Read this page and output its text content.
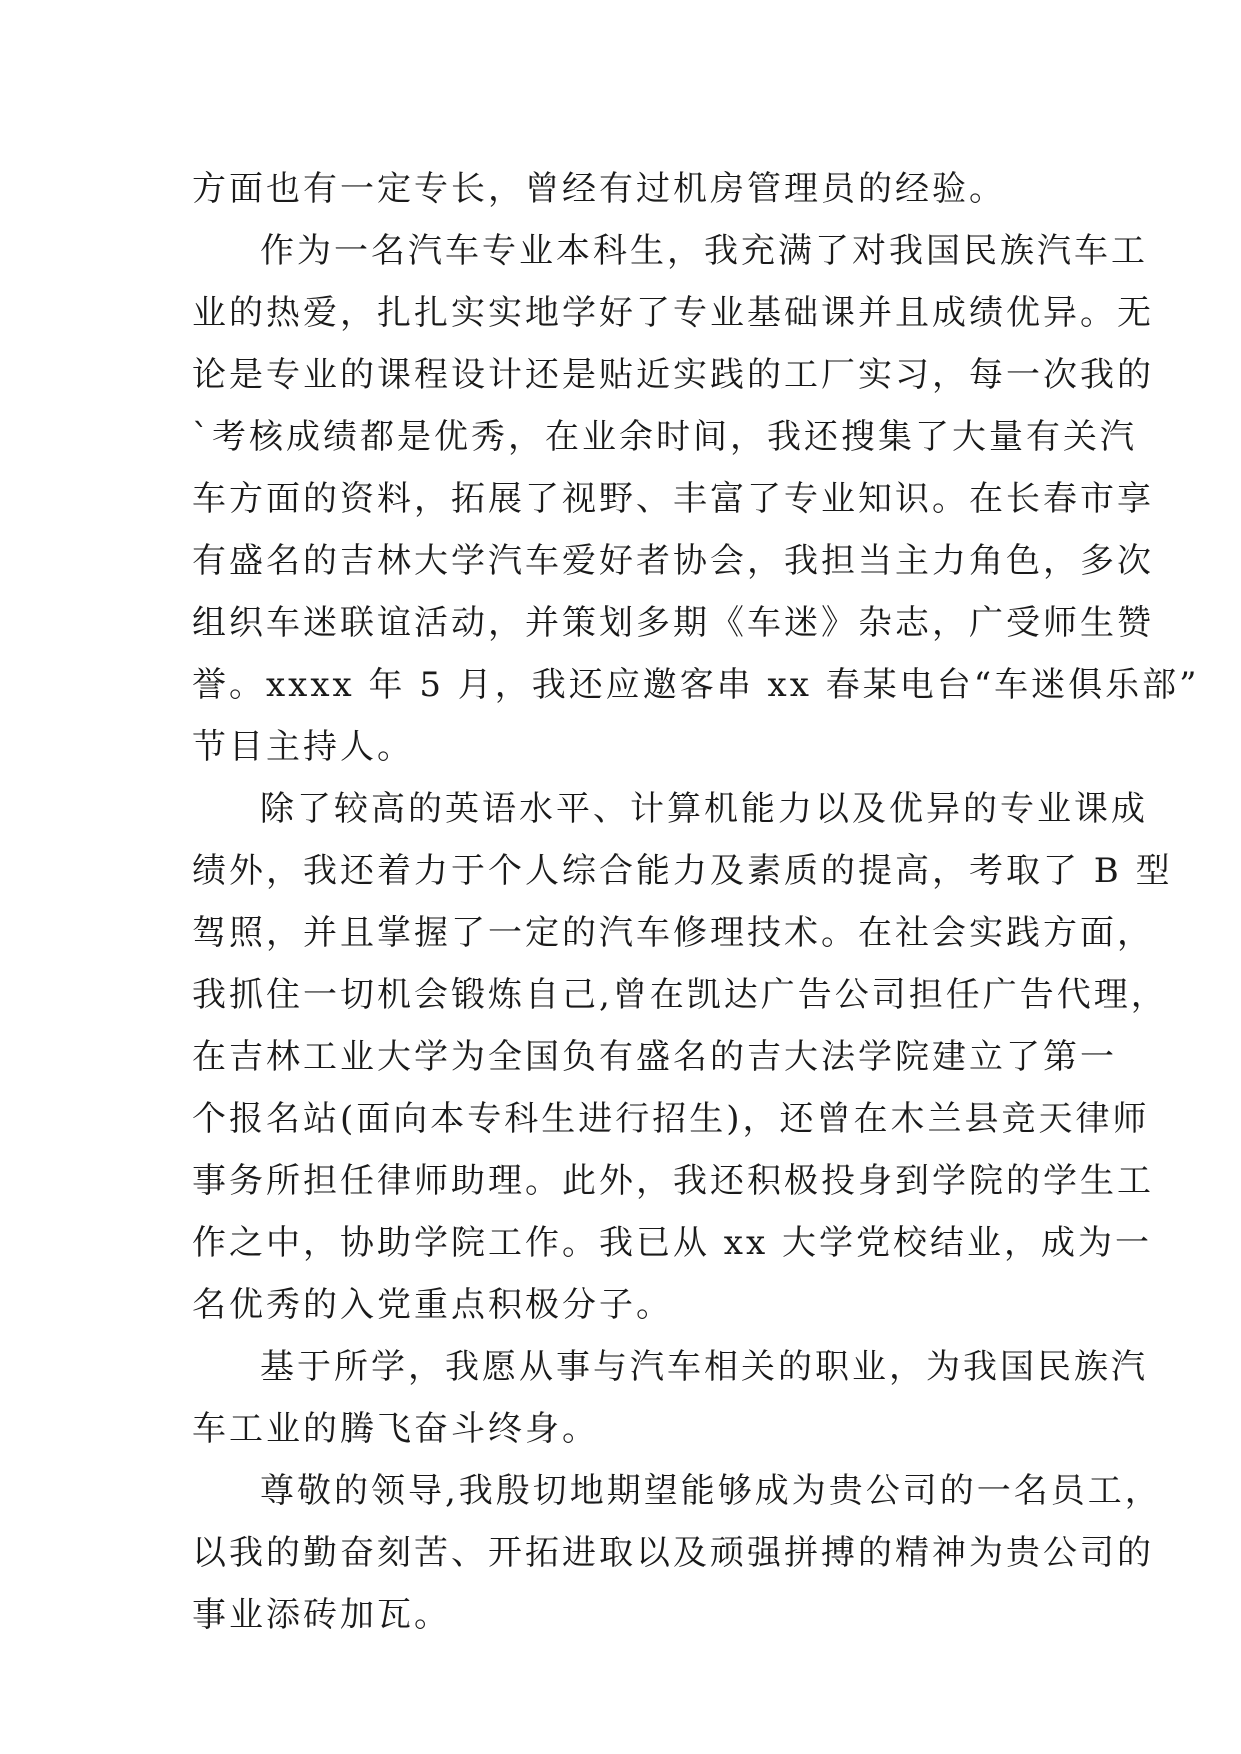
方面也有一定专长，曾经有过机房管理员的经验。
作为一名汽车专业本科生，我充满了对我国民族汽车工
业的热爱，扎扎实实地学好了专业基础课并且成绩优异。无
论是专业的课程设计还是贴近实践的工厂实习，每一次我的
`考核成绩都是优秀，在业余时间，我还搜集了大量有关汽
车方面的资料，拓展了视野、丰富了专业知识。在长春市享
有盛名的吉林大学汽车爱好者协会，我担当主力角色，多次
组织车迷联谊活动，并策划多期《车迷》杂志，广受师生赞
誉。xxxx 年 5 月，我还应邀客串 xx 春某电台“车迷俱乐部”
节目主持人。
除了较高的英语水平、计算机能力以及优异的专业课成
绩外，我还着力于个人综合能力及素质的提高，考取了 B 型
驾照，并且掌握了一定的汽车修理技术。在社会实践方面，
我抓住一切机会锻炼自己,曾在凯达广告公司担任广告代理，
在吉林工业大学为全国负有盛名的吉大法学院建立了第一
个报名站(面向本专科生进行招生)，还曾在木兰县竞天律师
事务所担任律师助理。此外，我还积极投身到学院的学生工
作之中，协助学院工作。我已从 xx 大学党校结业，成为一
名优秀的入党重点积极分子。
基于所学，我愿从事与汽车相关的职业，为我国民族汽
车工业的腾飞奋斗终身。
尊敬的领导,我殷切地期望能够成为贵公司的一名员工，
以我的勤奋刻苦、开拓进取以及顽强拼搏的精神为贵公司的
事业添砖加瓦。
